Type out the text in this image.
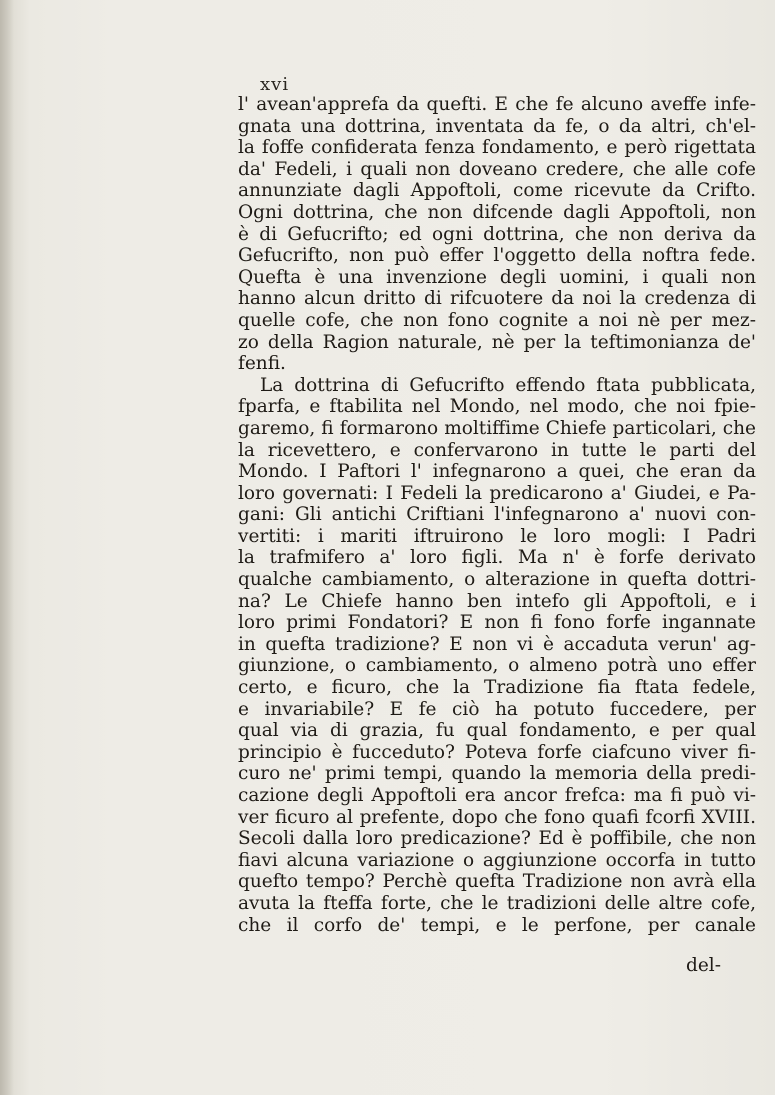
xvi
l' avean'apprefa da quefti. E che fe alcuno aveffe infe-
gnata una dottrina, inventata da fe, o da altri, ch'el-
la foffe confiderata fenza fondamento, e però rigettata
da' Fedeli, i quali non doveano credere, che alle cofe
annunziate dagli Appoftoli, come ricevute da Crifto.
Ogni dottrina, che non difcende dagli Appoftoli, non
è di Gefucrifto; ed ogni dottrina, che non deriva da
Gefucrifto, non può effer l'oggetto della noftra fede.
Quefta è una invenzione degli uomini, i quali non
hanno alcun dritto di rifcuotere da noi la credenza di
quelle cofe, che non fono cognite a noi nè per mez-
zo della Ragion naturale, nè per la teftimonianza de'
fenfi.
La dottrina di Gefucrifto effendo ftata pubblicata,
fparfa, e ftabilita nel Mondo, nel modo, che noi fpie-
garemo, fi formarono moltiffime Chiefe particolari, che
la ricevettero, e confervarono in tutte le parti del
Mondo. I Paftori l' infegnarono a quei, che eran da
loro governati: I Fedeli la predicarono a' Giudei, e Pa-
gani: Gli antichi Criftiani l'infegnarono a' nuovi con-
vertiti: i mariti iftruirono le loro mogli: I Padri
la trafmifero a' loro figli. Ma n' è forfe derivato
qualche cambiamento, o alterazione in quefta dottri-
na? Le Chiefe hanno ben intefo gli Appoftoli, e i
loro primi Fondatori? E non fi fono forfe ingannate
in quefta tradizione? E non vi è accaduta verun' ag-
giunzione, o cambiamento, o almeno potrà uno effer
certo, e ficuro, che la Tradizione fia ftata fedele,
e invariabile? E fe ciò ha potuto fuccedere, per
qual via di grazia, fu qual fondamento, e per qual
principio è fucceduto? Poteva forfe ciafcuno viver fi-
curo ne' primi tempi, quando la memoria della predi-
cazione degli Appoftoli era ancor frefca: ma fi può vi-
ver ficuro al prefente, dopo che fono quafi fcorfi XVIII.
Secoli dalla loro predicazione? Ed è poffibile, che non
fiavi alcuna variazione o aggiunzione occorfa in tutto
quefto tempo? Perchè quefta Tradizione non avrà ella
avuta la fteffa forte, che le tradizioni delle altre cofe,
che il corfo de' tempi, e le perfone, per canale
del-
